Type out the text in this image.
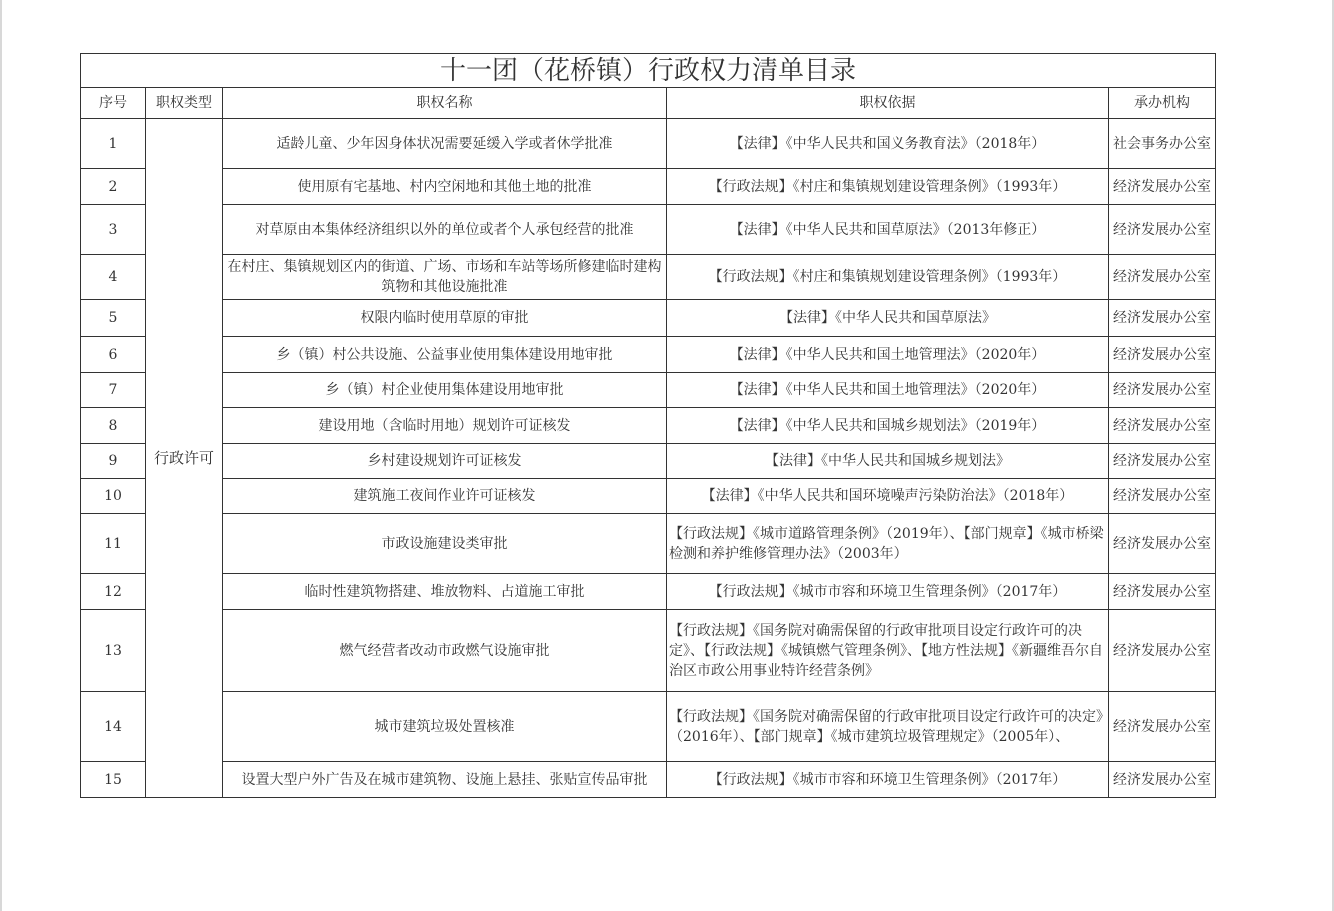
十一团（花桥镇）行政权力清单目录				
序号	职权类型	职权名称	职权依据	承办机构

1	行政许可	适龄儿童、少年因身体状况需要延缓入学或者休学批准	【法律】《中华人民共和国义务教育法》（2018年）	社会事务办公室

2		使用原有宅基地、村内空闲地和其他土地的批准	【行政法规】《村庄和集镇规划建设管理条例》（1993年）	经济发展办公室

3		对草原由本集体经济组织以外的单位或者个人承包经营的批准	【法律】《中华人民共和国草原法》（2013年修正）	经济发展办公室

4		在村庄、集镇规划区内的街道、广场、市场和车站等场所修建临时建构筑物和其他设施批准	【行政法规】《村庄和集镇规划建设管理条例》（1993年）	经济发展办公室

5		权限内临时使用草原的审批	【法律】《中华人民共和国草原法》	经济发展办公室

6		乡（镇）村公共设施、公益事业使用集体建设用地审批	【法律】《中华人民共和国土地管理法》（2020年）	经济发展办公室

7		乡（镇）村企业使用集体建设用地审批	【法律】《中华人民共和国土地管理法》（2020年）	经济发展办公室

8		建设用地（含临时用地）规划许可证核发	【法律】《中华人民共和国城乡规划法》（2019年）	经济发展办公室

9		乡村建设规划许可证核发	【法律】《中华人民共和国城乡规划法》	经济发展办公室

10		建筑施工夜间作业许可证核发	【法律】《中华人民共和国环境噪声污染防治法》（2018年）	经济发展办公室

11		市政设施建设类审批	【行政法规】《城市道路管理条例》（2019年）、【部门规章】《城市桥梁检测和养护维修管理办法》（2003年）	经济发展办公室

12		临时性建筑物搭建、堆放物料、占道施工审批	【行政法规】《城市市容和环境卫生管理条例》（2017年）	经济发展办公室

13		燃气经营者改动市政燃气设施审批	【行政法规】《国务院对确需保留的行政审批项目设定行政许可的决定》、【行政法规】《城镇燃气管理条例》、【地方性法规】《新疆维吾尔自治区市政公用事业特许经营条例》	经济发展办公室

14		城市建筑垃圾处置核准	【行政法规】《国务院对确需保留的行政审批项目设定行政许可的决定》（2016年）、【部门规章】《城市建筑垃圾管理规定》（2005年）、	经济发展办公室

15		设置大型户外广告及在城市建筑物、设施上悬挂、张贴宣传品审批	【行政法规】《城市市容和环境卫生管理条例》（2017年）	经济发展办公室
